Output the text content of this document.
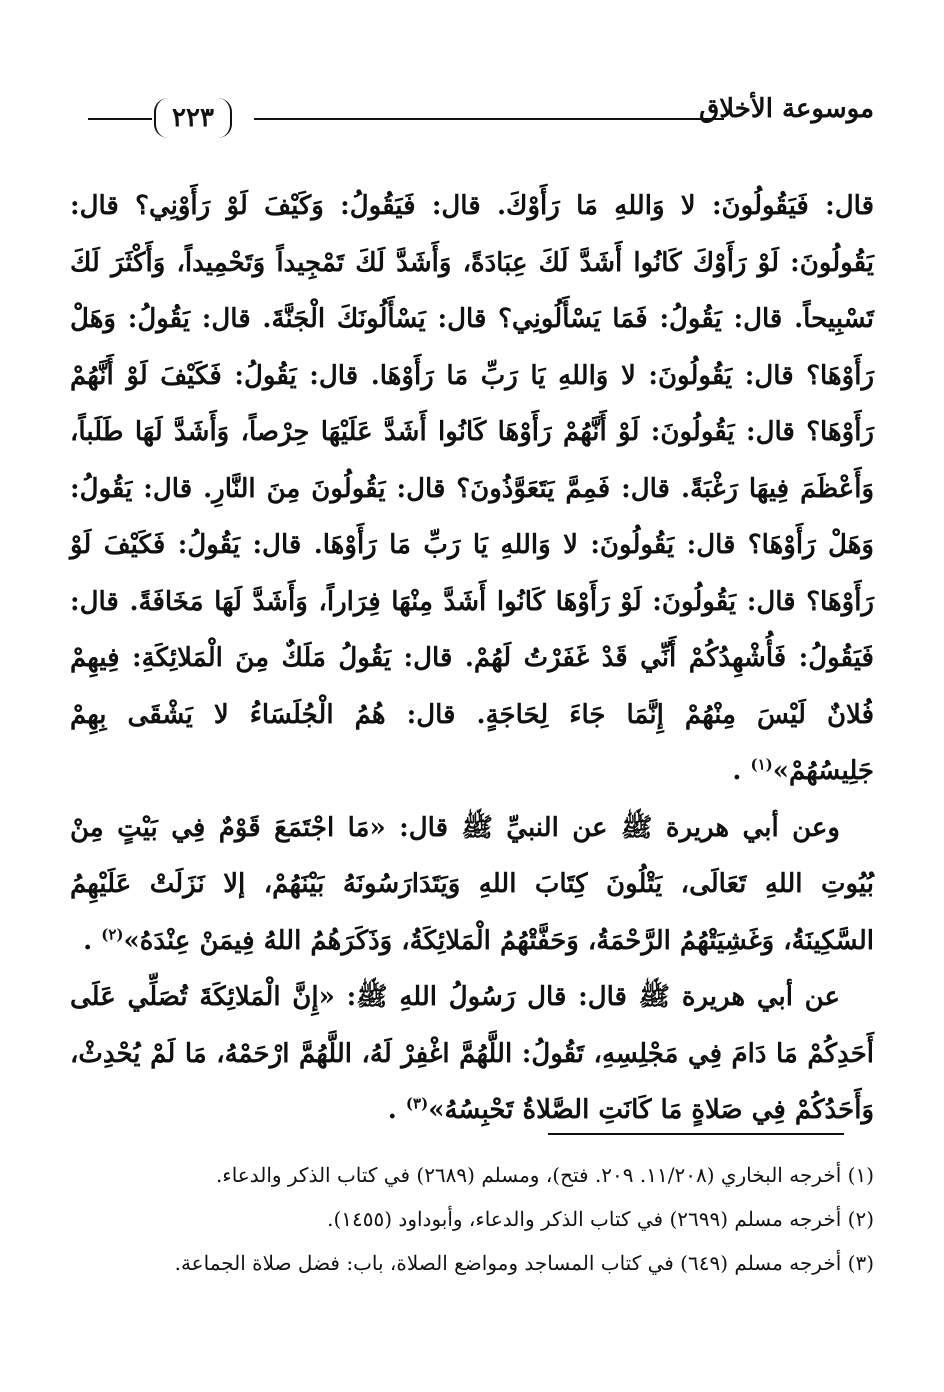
موسوعة الأخلاق
٢٢٣

قال: فَيَقُولُونَ: لا وَاللهِ مَا رَأَوْكَ. قال: فَيَقُولُ: وَكَيْفَ لَوْ رَأَوْنِي؟ قال: يَقُولُونَ: لَوْ رَأَوْكَ كَانُوا أَشَدَّ لَكَ عِبَادَةً، وَأَشَدَّ لَكَ تَمْجِيداً وَتَحْمِيداً، وَأَكْثَرَ لَكَ تَسْبِيحاً. قال: يَقُولُ: فَمَا يَسْأَلُونِي؟ قال: يَسْأَلُونَكَ الْجَنَّةَ. قال: يَقُولُ: وَهَلْ رَأَوْهَا؟ قال: يَقُولُونَ: لا وَاللهِ يَا رَبِّ مَا رَأَوْهَا. قال: يَقُولُ: فَكَيْفَ لَوْ أَنَّهُمْ رَأَوْهَا؟ قال: يَقُولُونَ: لَوْ أَنَّهُمْ رَأَوْهَا كَانُوا أَشَدَّ عَلَيْهَا حِرْصاً، وَأَشَدَّ لَهَا طَلَباً، وَأَعْظَمَ فِيهَا رَغْبَةً. قال: فَمِمَّ يَتَعَوَّذُونَ؟ قال: يَقُولُونَ مِنَ النَّارِ. قال: يَقُولُ: وَهَلْ رَأَوْهَا؟ قال: يَقُولُونَ: لا وَاللهِ يَا رَبِّ مَا رَأَوْهَا. قال: يَقُولُ: فَكَيْفَ لَوْ رَأَوْهَا؟ قال: يَقُولُونَ: لَوْ رَأَوْهَا كَانُوا أَشَدَّ مِنْهَا فِرَاراً، وَأَشَدَّ لَهَا مَخَافَةً. قال: فَيَقُولُ: فَأُشْهِدُكُمْ أَنِّي قَدْ غَفَرْتُ لَهُمْ. قال: يَقُولُ مَلَكٌ مِنَ الْمَلائِكَةِ: فِيهِمْ فُلانٌ لَيْسَ مِنْهُمْ إِنَّمَا جَاءَ لِحَاجَةٍ. قال: هُمُ الْجُلَسَاءُ لا يَشْقَى بِهِمْ جَلِيسُهُمْ»$^{(١)}$ .

وعن أبي هريرة ﷺ عن النبيِّ ﷺ قال: «مَا اجْتَمَعَ قَوْمٌ فِي بَيْتٍ مِنْ بُيُوتِ اللهِ تَعَالَى، يَتْلُونَ كِتَابَ اللهِ وَيَتَدَارَسُونَهُ بَيْنَهُمْ، إلا نَزَلَتْ عَلَيْهِمُ السَّكِينَةُ، وَغَشِيَتْهُمُ الرَّحْمَةُ، وَحَفَّتْهُمُ الْمَلائِكَةُ، وَذَكَرَهُمُ اللهُ فِيمَنْ عِنْدَهُ»$^{(٢)}$ .

عن أبي هريرة ﷺ قال: قال رَسُولُ اللهِ ﷺ: «إِنَّ الْمَلائِكَةَ تُصَلِّي عَلَى أَحَدِكُمْ مَا دَامَ فِي مَجْلِسِهِ، تَقُولُ: اللَّهُمَّ اغْفِرْ لَهُ، اللَّهُمَّ ارْحَمْهُ، مَا لَمْ يُحْدِثْ، وَأَحَدُكُمْ فِي صَلاةٍ مَا كَانَتِ الصَّلاةُ تَحْبِسُهُ»$^{(٣)}$ .

(١) أخرجه البخاري (١١/٢٠٨. ٢٠٩. فتح)، ومسلم (٢٦٨٩) في كتاب الذكر والدعاء.

(٢) أخرجه مسلم (٢٦٩٩) في كتاب الذكر والدعاء، وأبوداود (١٤٥٥).

(٣) أخرجه مسلم (٦٤٩) في كتاب المساجد ومواضع الصلاة، باب: فضل صلاة الجماعة.
